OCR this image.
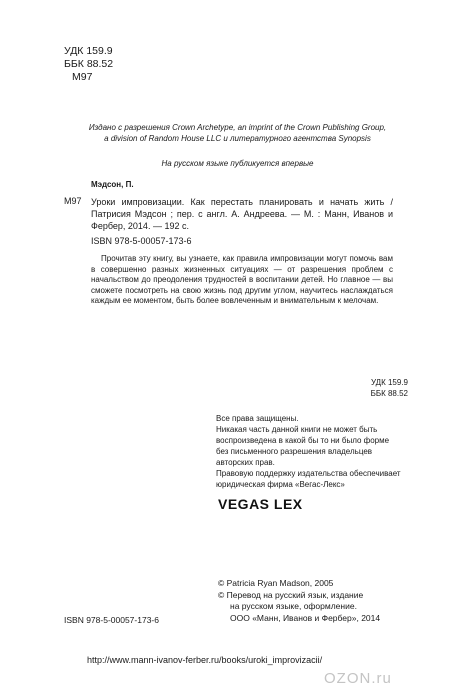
УДК 159.9
ББК 88.52
М97
Издано с разрешения Crown Archetype, an imprint of the Crown Publishing Group,
a division of Random House LLC и литературного агентства Synopsis
На русском языке публикуется впервые
Мэдсон, П.
М97 Уроки импровизации. Как перестать планировать и начать жить / Патрисия Мэдсон ; пер. с англ. А. Андреева. — М. : Манн, Иванов и Фербер, 2014. — 192 с.
ISBN 978-5-00057-173-6
Прочитав эту книгу, вы узнаете, как правила импровизации могут помочь вам в совершенно разных жизненных ситуациях — от разрешения проблем с начальством до преодоления трудностей в воспитании детей. Но главное — вы сможете посмотреть на свою жизнь под другим углом, научитесь наслаждаться каждым ее моментом, быть более вовлеченным и внимательным к мелочам.
УДК 159.9
ББК 88.52
Все права защищены.
Никакая часть данной книги не может быть
воспроизведена в какой бы то ни было форме
без письменного разрешения владельцев
авторских прав.
Правовую поддержку издательства обеспечивает
юридическая фирма «Вегас-Лекс»
VEGAS LEX
© Patricia Ryan Madson, 2005
© Перевод на русский язык, издание
на русском языке, оформление.
ООО «Манн, Иванов и Фербер», 2014
ISBN 978-5-00057-173-6
http://www.mann-ivanov-ferber.ru/books/uroki_improvizacii/
OZON.ru
